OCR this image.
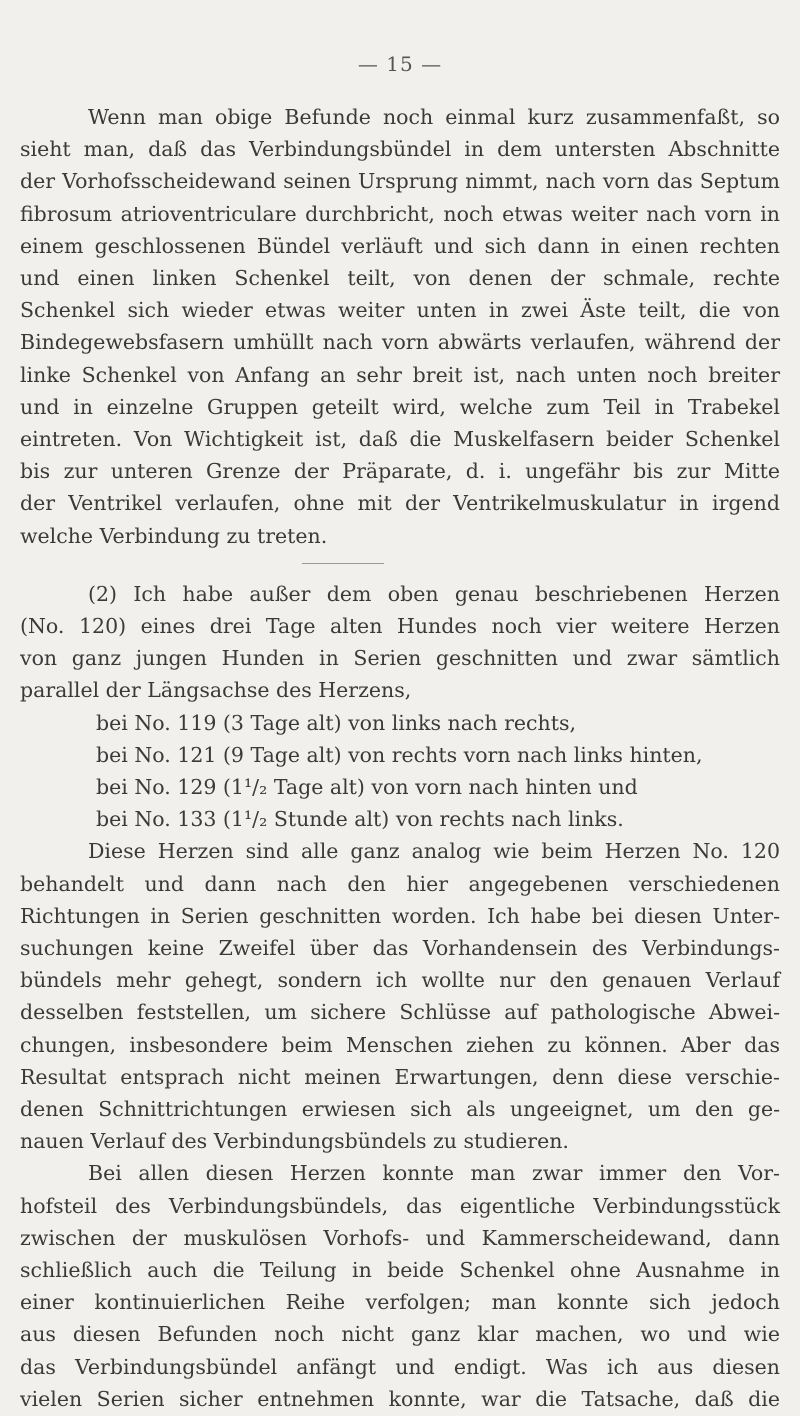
— 15 —
Wenn man obige Befunde noch einmal kurz zusammenfaßt, so
sieht man, daß das Verbindungsbündel in dem untersten Abschnitte
der Vorhofsscheidewand seinen Ursprung nimmt, nach vorn das Septum
fibrosum atrioventriculare durchbricht, noch etwas weiter nach vorn in
einem geschlossenen Bündel verläuft und sich dann in einen rechten
und einen linken Schenkel teilt, von denen der schmale, rechte
Schenkel sich wieder etwas weiter unten in zwei Äste teilt, die von
Bindegewebsfasern umhüllt nach vorn abwärts verlaufen, während der
linke Schenkel von Anfang an sehr breit ist, nach unten noch breiter
und in einzelne Gruppen geteilt wird, welche zum Teil in Trabekel
eintreten. Von Wichtigkeit ist, daß die Muskelfasern beider Schenkel
bis zur unteren Grenze der Präparate, d. i. ungefähr bis zur Mitte
der Ventrikel verlaufen, ohne mit der Ventrikelmuskulatur in irgend
welche Verbindung zu treten.
(2) Ich habe außer dem oben genau beschriebenen Herzen
(No. 120) eines drei Tage alten Hundes noch vier weitere Herzen
von ganz jungen Hunden in Serien geschnitten und zwar sämtlich
parallel der Längsachse des Herzens,
bei No. 119 (3 Tage alt) von links nach rechts,
bei No. 121 (9 Tage alt) von rechts vorn nach links hinten,
bei No. 129 (1¹/₂ Tage alt) von vorn nach hinten und
bei No. 133 (1¹/₂ Stunde alt) von rechts nach links.
Diese Herzen sind alle ganz analog wie beim Herzen No. 120
behandelt und dann nach den hier angegebenen verschiedenen
Richtungen in Serien geschnitten worden. Ich habe bei diesen Unter-
suchungen keine Zweifel über das Vorhandensein des Verbindungs-
bündels mehr gehegt, sondern ich wollte nur den genauen Verlauf
desselben feststellen, um sichere Schlüsse auf pathologische Abwei-
chungen, insbesondere beim Menschen ziehen zu können. Aber das
Resultat entsprach nicht meinen Erwartungen, denn diese verschie-
denen Schnittrichtungen erwiesen sich als ungeeignet, um den ge-
nauen Verlauf des Verbindungsbündels zu studieren.
Bei allen diesen Herzen konnte man zwar immer den Vor-
hofsteil des Verbindungsbündels, das eigentliche Verbindungsstück
zwischen der muskulösen Vorhofs- und Kammerscheidewand, dann
schließlich auch die Teilung in beide Schenkel ohne Ausnahme in
einer kontinuierlichen Reihe verfolgen; man konnte sich jedoch
aus diesen Befunden noch nicht ganz klar machen, wo und wie
das Verbindungsbündel anfängt und endigt. Was ich aus diesen
vielen Serien sicher entnehmen konnte, war die Tatsache, daß die
